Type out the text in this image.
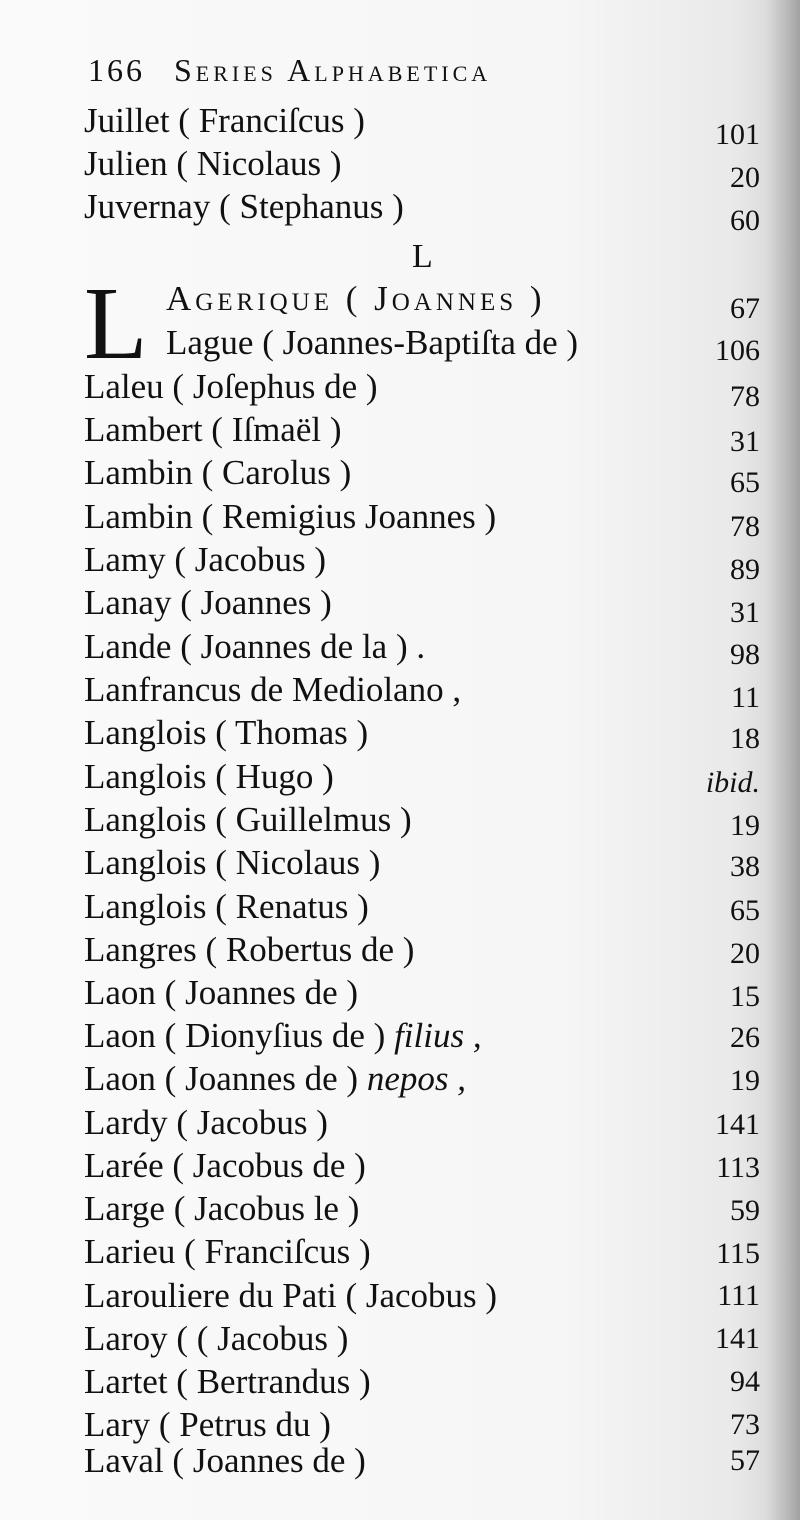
166 Series Alphabetica
L
L
Juillet ( Franciſcus )	101
Julien ( Nicolaus )	20
Juvernay ( Stephanus )	60
Agerique ( Joannes )	67
Lague ( Joannes-Baptiſta de )	106
Laleu ( Joſephus de )	78
Lambert ( Iſmaël )	31
Lambin ( Carolus )	65
Lambin ( Remigius Joannes )	78
Lamy ( Jacobus )	89
Lanay ( Joannes )	31
Lande ( Joannes de la ) .	98
Lanfrancus de Mediolano ,	11
Langlois ( Thomas )	18
Langlois ( Hugo )	ibid.
Langlois ( Guillelmus )	19
Langlois ( Nicolaus )	38
Langlois ( Renatus )	65
Langres ( Robertus de )	20
Laon ( Joannes de )	15
Laon ( Dionyſius de ) filius ,	26
Laon ( Joannes de ) nepos ,	19
Lardy ( Jacobus )	141
Larée ( Jacobus de )	113
Large ( Jacobus le )	59
Larieu ( Franciſcus )	115
Larouliere du Pati ( Jacobus )	111
Laroy ( ( Jacobus )	141
Lartet ( Bertrandus )	94
Lary ( Petrus du )	73
Laval ( Joannes de )	57
